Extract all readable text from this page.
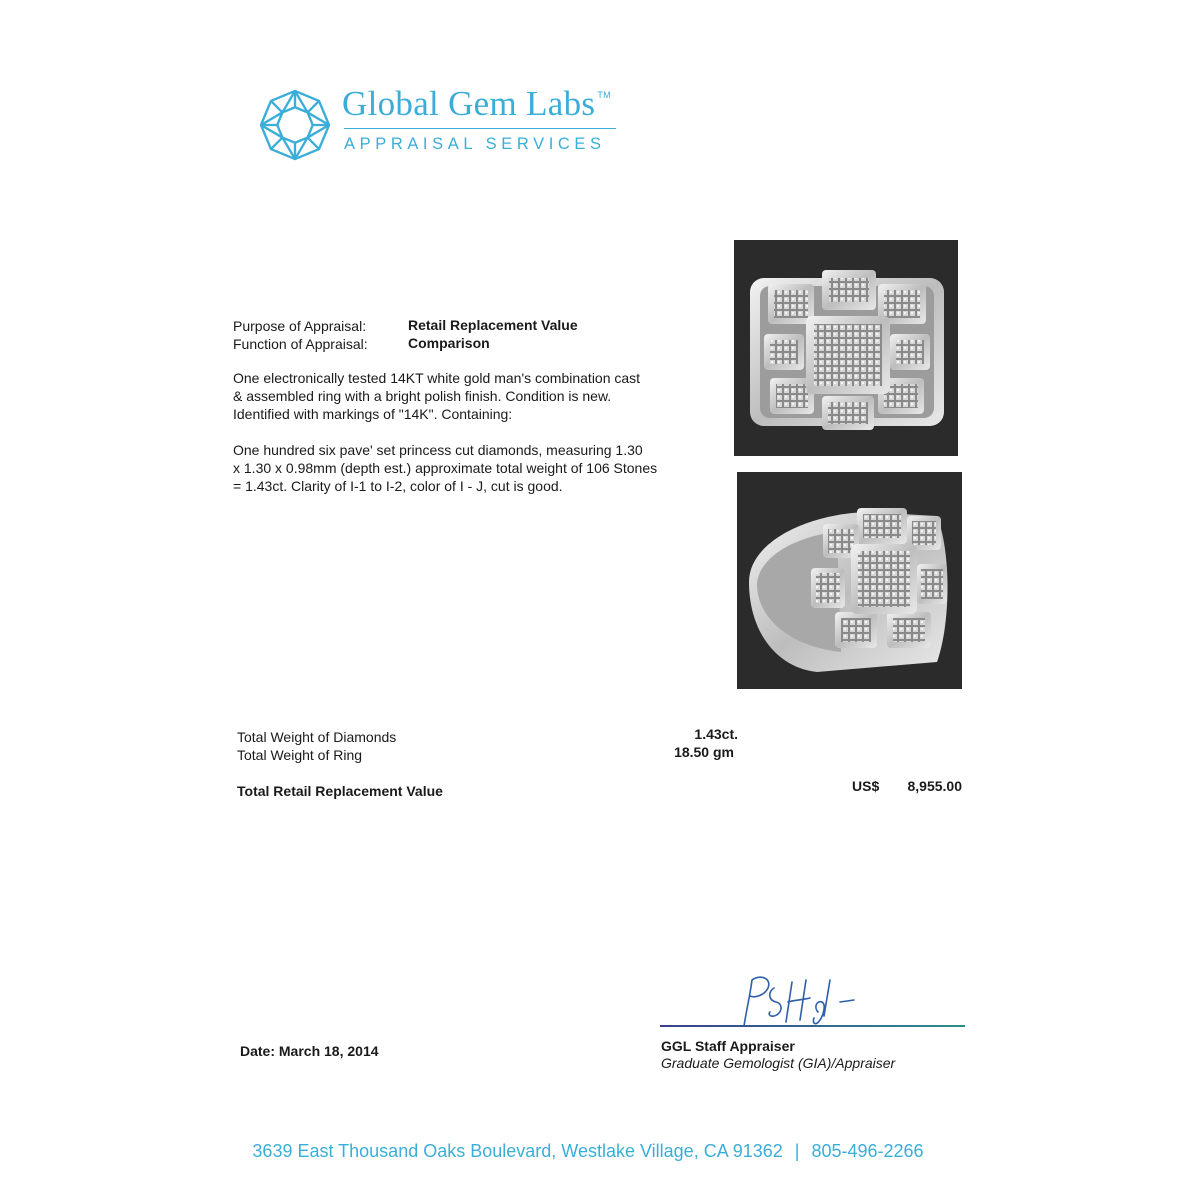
Global Gem Labs ™
APPRAISAL SERVICES
Purpose of Appraisal:	Retail Replacement Value
Function of Appraisal:	Comparison
One electronically tested 14KT white gold man's combination cast
& assembled ring with a bright polish finish. Condition is new.
Identified with markings of "14K". Containing:
One hundred six pave' set princess cut diamonds, measuring 1.30
x 1.30 x 0.98mm (depth est.) approximate total weight of 106 Stones
= 1.43ct. Clarity of I-1 to I-2, color of I - J, cut is good.
Total Weight of Diamonds	1.43ct.
Total Weight of Ring	18.50 gm
Total Retail Replacement Value	US$	8,955.00
Date: March 18, 2014	GGL Staff Appraiser
Graduate Gemologist (GIA)/Appraiser
3639 East Thousand Oaks Boulevard, Westlake Village, CA 91362 | 805-496-2266
